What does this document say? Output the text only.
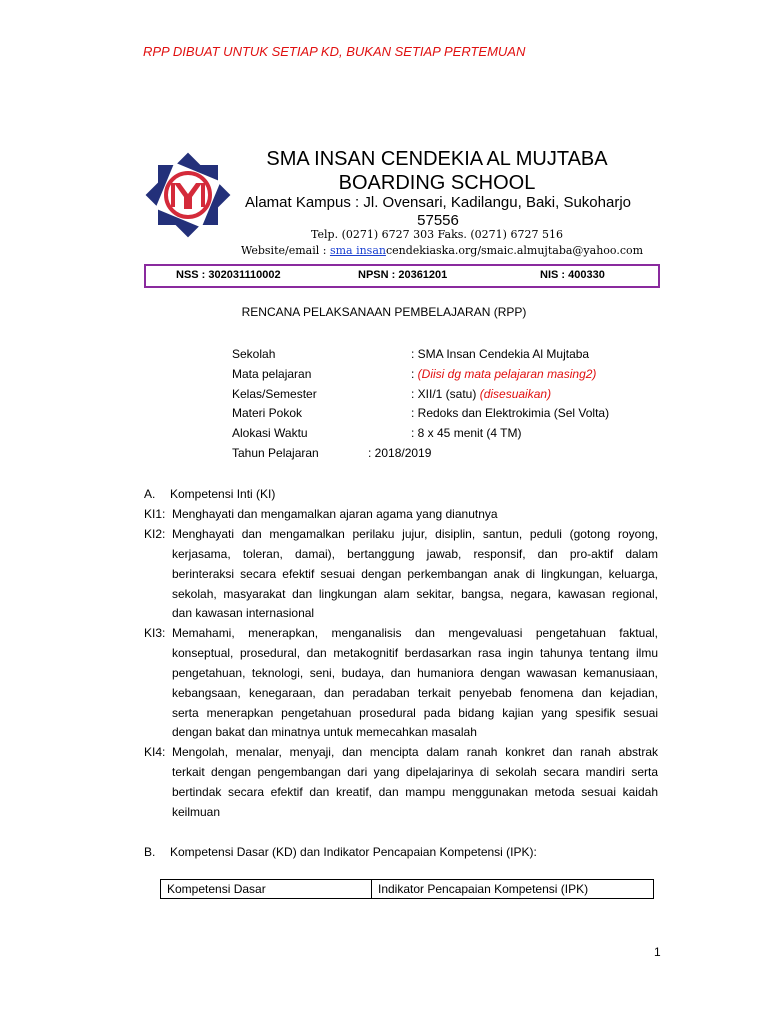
RPP DIBUAT UNTUK SETIAP KD, BUKAN SETIAP PERTEMUAN
SMA INSAN CENDEKIA AL MUJTABA
BOARDING SCHOOL
Alamat Kampus : Jl. Ovensari, Kadilangu, Baki, Sukoharjo 57556
Telp. (0271) 6727 303 Faks. (0271) 6727 516
Website/email : sma insancendekiaska.org/smaic.almujtaba@yahoo.com
NSS : 302031110002	NPSN : 20361201	NIS : 400330
RENCANA PELAKSANAAN PEMBELAJARAN (RPP)
Sekolah	: SMA Insan Cendekia Al Mujtaba
Mata pelajaran	: (Diisi dg mata pelajaran masing2)
Kelas/Semester	: XII/1 (satu) (disesuaikan)
Materi Pokok	: Redoks dan Elektrokimia (Sel Volta)
Alokasi Waktu	: 8 x 45 menit (4 TM)
Tahun Pelajaran	: 2018/2019
A. Kompetensi Inti (KI)
KI1: Menghayati dan mengamalkan ajaran agama yang dianutnya
KI2: Menghayati dan mengamalkan perilaku jujur, disiplin, santun, peduli (gotong royong,
kerjasama, toleran, damai), bertanggung jawab, responsif, dan pro-aktif dalam
berinteraksi secara efektif sesuai dengan perkembangan anak di lingkungan, keluarga,
sekolah, masyarakat dan lingkungan alam sekitar, bangsa, negara, kawasan regional,
dan kawasan internasional
KI3: Memahami, menerapkan, menganalisis dan mengevaluasi pengetahuan faktual,
konseptual, prosedural, dan metakognitif berdasarkan rasa ingin tahunya tentang ilmu
pengetahuan, teknologi, seni, budaya, dan humaniora dengan wawasan kemanusiaan,
kebangsaan, kenegaraan, dan peradaban terkait penyebab fenomena dan kejadian,
serta menerapkan pengetahuan prosedural pada bidang kajian yang spesifik sesuai
dengan bakat dan minatnya untuk memecahkan masalah
KI4: Mengolah, menalar, menyaji, dan mencipta dalam ranah konkret dan ranah abstrak
terkait dengan pengembangan dari yang dipelajarinya di sekolah secara mandiri serta
bertindak secara efektif dan kreatif, dan mampu menggunakan metoda sesuai kaidah
keilmuan
B. Kompetensi Dasar (KD) dan Indikator Pencapaian Kompetensi (IPK):
Kompetensi Dasar	Indikator Pencapaian Kompetensi (IPK)
1
